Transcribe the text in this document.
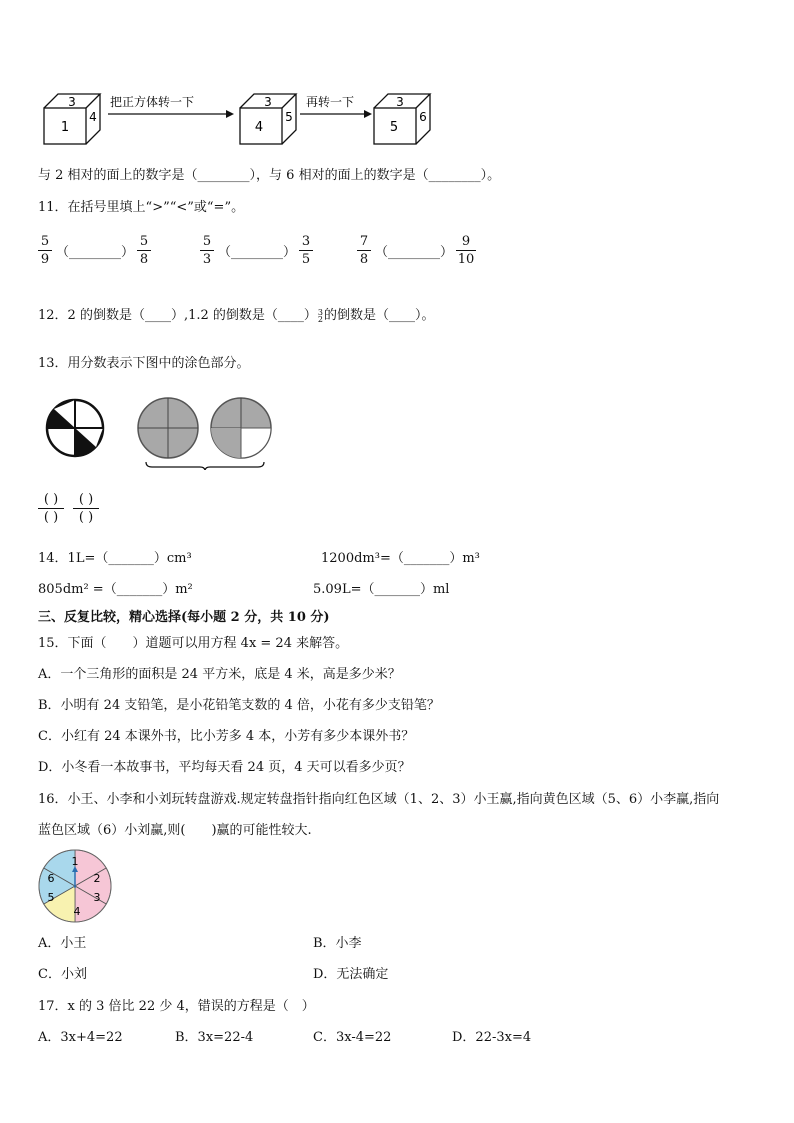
3
1
4
把正方体转一下	3
4
5
再转一下	3
5
6
与 2 相对的面上的数字是（________），与 6 相对的面上的数字是（________）。
11．在括号里填上“>”“<”或“=”。
5
9 （________）
5
8
5
3 （________）
3
5
7
8 （________）
9
10
12．2 的倒数是（____）,1.2 的倒数是（____） 3
2 的倒数是（____）。
13．用分数表示下图中的涂色部分。
( )
( )
( )
( )
14．1L=（_______）cm³	1200dm³=（_______）m³
805dm² =（_______）m²	5.09L=（_______）ml
三、反复比较，精心选择(每小题 2 分，共 10 分)
15．下面（　　）道题可以用方程 4x = 24 来解答。
A．一个三角形的面积是 24 平方米，底是 4 米，高是多少米？
B．小明有 24 支铅笔，是小花铅笔支数的 4 倍，小花有多少支铅笔？
C．小红有 24 本课外书，比小芳多 4 本，小芳有多少本课外书？
D．小冬看一本故事书，平均每天看 24 页，4 天可以看多少页？
16．小王、小李和小刘玩转盘游戏.规定转盘指针指向红色区域（1、2、3）小王赢,指向黄色区域（5、6）小李赢,指向
蓝色区域（6）小刘赢,则(　　)赢的可能性较大.
1
2
3
4
5
6
A．小王	B．小李
C．小刘	D．无法确定
17．x 的 3 倍比 22 少 4，错误的方程是（　）
A．3x+4=22	B．3x=22-4	C．3x-4=22	D．22-3x=4
